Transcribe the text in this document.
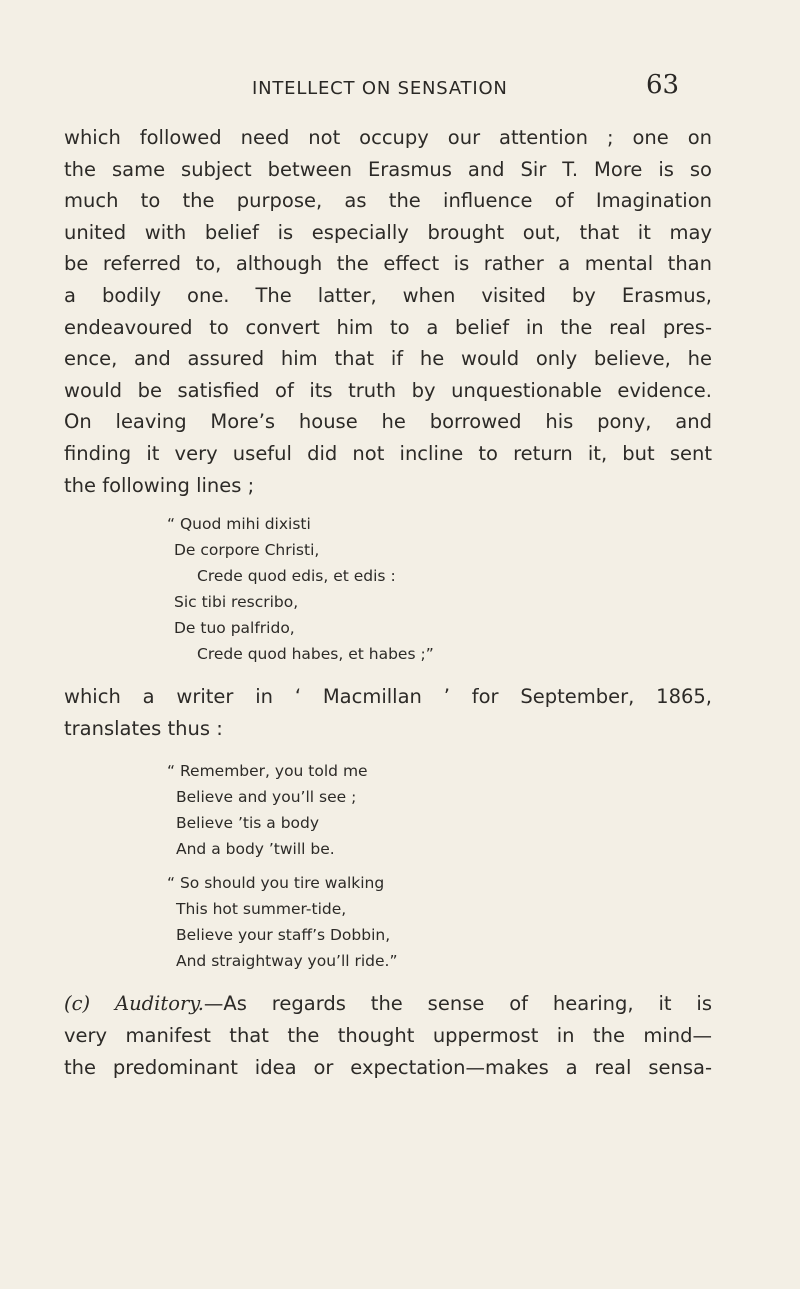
INTELLECT ON SENSATION	63

which followed need not occupy our attention ; one on
the same subject between Erasmus and Sir T. More is so
much to the purpose, as the influence of Imagination
united with belief is especially brought out, that it may
be referred to, although the effect is rather a mental than
a bodily one. The latter, when visited by Erasmus,
endeavoured to convert him to a belief in the real pres-
ence, and assured him that if he would only believe, he
would be satisfied of its truth by unquestionable evidence.
On leaving More’s house he borrowed his pony, and
finding it very useful did not incline to return it, but sent
the following lines ;

“ Quod mihi dixisti
De corpore Christi,
Crede quod edis, et edis :
Sic tibi rescribo,
De tuo palfrido,
Crede quod habes, et habes ;”

which a writer in ‘ Macmillan ’ for September, 1865,
translates thus :

“ Remember, you told me
Believe and you’ll see ;
Believe ’tis a body
And a body ’twill be.
“ So should you tire walking
This hot summer-tide,
Believe your staff’s Dobbin,
And straightway you’ll ride.”

(c) Auditory.—As regards the sense of hearing, it is
very manifest that the thought uppermost in the mind—
the predominant idea or expectation—makes a real sensa-
